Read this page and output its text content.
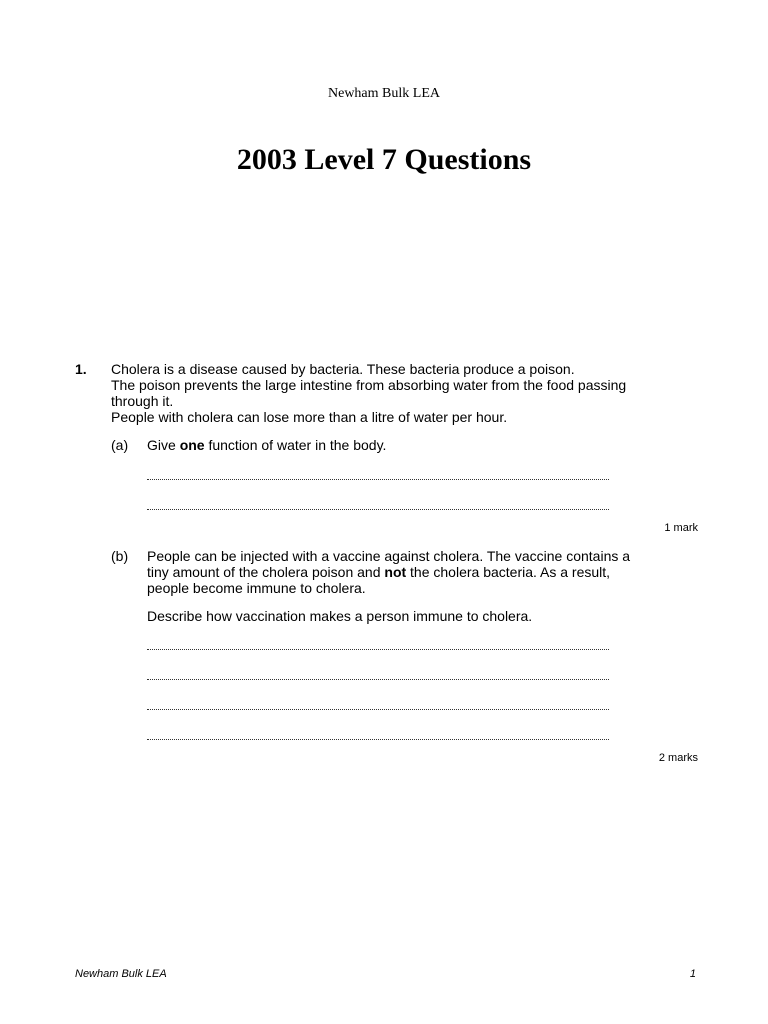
Newham Bulk LEA
2003 Level 7 Questions
1. Cholera is a disease caused by bacteria. These bacteria produce a poison.
The poison prevents the large intestine from absorbing water from the food passing through it.
People with cholera can lose more than a litre of water per hour.
(a) Give one function of water in the body.
1 mark
(b) People can be injected with a vaccine against cholera. The vaccine contains a tiny amount of the cholera poison and not the cholera bacteria. As a result, people become immune to cholera.
Describe how vaccination makes a person immune to cholera.
2 marks
Newham Bulk LEA	1
